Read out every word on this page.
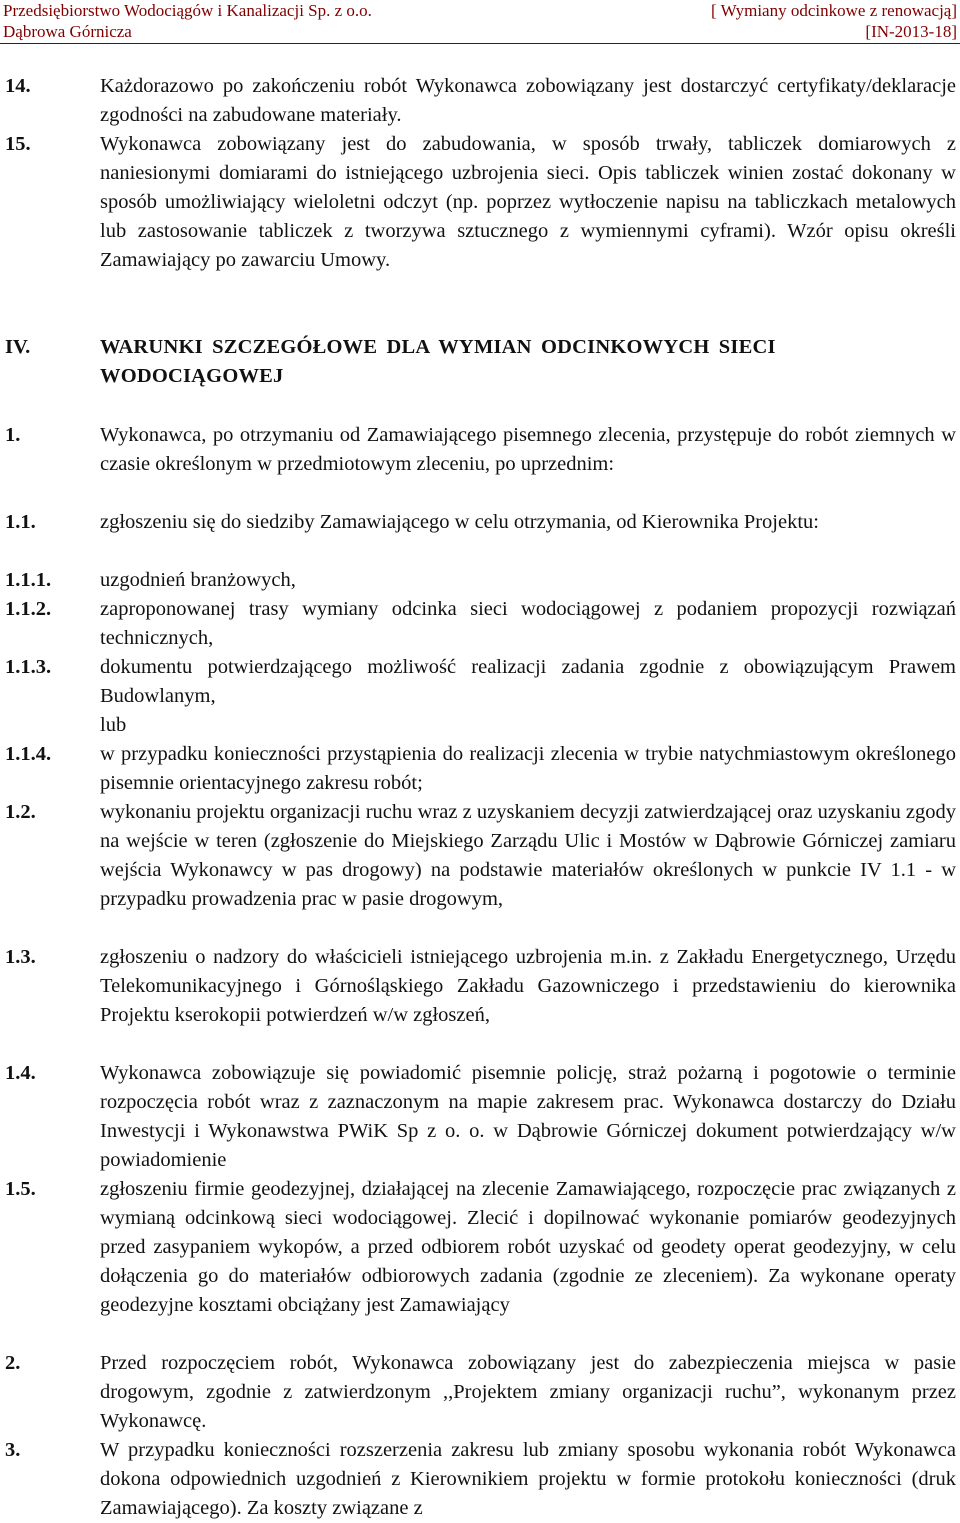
Przedsiębiorstwo Wodociągów i Kanalizacji Sp. z o.o.
Dąbrowa Górnicza
[ Wymiany odcinkowe z renowacją]
[IN-2013-18]
14.	Każdorazowo po zakończeniu robót Wykonawca zobowiązany jest dostarczyć certyfikaty/deklaracje zgodności na zabudowane materiały.
15.	Wykonawca zobowiązany jest do zabudowania, w sposób trwały, tabliczek domiarowych z naniesionymi domiarami do istniejącego uzbrojenia sieci. Opis tabliczek winien zostać dokonany w sposób umożliwiający wieloletni odczyt (np. poprzez wytłoczenie napisu na tabliczkach metalowych lub zastosowanie tabliczek z tworzywa sztucznego z wymiennymi cyframi). Wzór opisu określi Zamawiający po zawarciu Umowy.
IV.	WARUNKI SZCZEGÓŁOWE DLA WYMIAN ODCINKOWYCH SIECI WODOCIĄGOWEJ
1.	Wykonawca, po otrzymaniu od Zamawiającego pisemnego zlecenia, przystępuje do robót ziemnych w czasie określonym w przedmiotowym zleceniu, po uprzednim:
1.1.	zgłoszeniu się do siedziby Zamawiającego w celu otrzymania, od Kierownika Projektu:
1.1.1. uzgodnień branżowych,
1.1.2. zaproponowanej trasy wymiany odcinka sieci wodociągowej z podaniem propozycji rozwiązań technicznych,
1.1.3. dokumentu potwierdzającego możliwość realizacji zadania zgodnie z obowiązującym Prawem Budowlanym,
lub
1.1.4. w przypadku konieczności przystąpienia do realizacji zlecenia w trybie natychmiastowym określonego pisemnie orientacyjnego zakresu robót;
1.2.	wykonaniu projektu organizacji ruchu wraz z uzyskaniem decyzji zatwierdzającej oraz uzyskaniu zgody na wejście w teren (zgłoszenie do Miejskiego Zarządu Ulic i Mostów w Dąbrowie Górniczej zamiaru wejścia Wykonawcy w pas drogowy) na podstawie materiałów określonych w punkcie IV 1.1 - w przypadku prowadzenia prac w pasie drogowym,
1.3.	zgłoszeniu o nadzory do właścicieli istniejącego uzbrojenia m.in. z Zakładu Energetycznego, Urzędu Telekomunikacyjnego i Górnośląskiego Zakładu Gazowniczego i przedstawieniu do kierownika Projektu kserokopii potwierdzeń w/w zgłoszeń,
1.4.	Wykonawca zobowiązuje się powiadomić pisemnie policję, straż pożarną i pogotowie o terminie rozpoczęcia robót wraz z zaznaczonym na mapie zakresem prac. Wykonawca dostarczy do Działu Inwestycji i Wykonawstwa PWiK Sp z o. o. w Dąbrowie Górniczej dokument potwierdzający w/w powiadomienie
1.5.	zgłoszeniu firmie geodezyjnej, działającej na zlecenie Zamawiającego, rozpoczęcie prac związanych z wymianą odcinkową sieci wodociągowej. Zlecić i dopilnować wykonanie pomiarów geodezyjnych przed zasypaniem wykopów, a przed odbiorem robót uzyskać od geodety operat geodezyjny, w celu dołączenia go do materiałów odbiorowych zadania (zgodnie ze zleceniem). Za wykonane operaty geodezyjne kosztami obciążany jest Zamawiający
2.	Przed rozpoczęciem robót, Wykonawca zobowiązany jest do zabezpieczenia miejsca w pasie drogowym, zgodnie z zatwierdzonym ,,Projektem zmiany organizacji ruchu”, wykonanym przez Wykonawcę.
3.	W przypadku konieczności rozszerzenia zakresu lub zmiany sposobu wykonania robót Wykonawca dokona odpowiednich uzgodnień z Kierownikiem projektu w formie protokołu konieczności (druk Zamawiającego). Za koszty związane z
